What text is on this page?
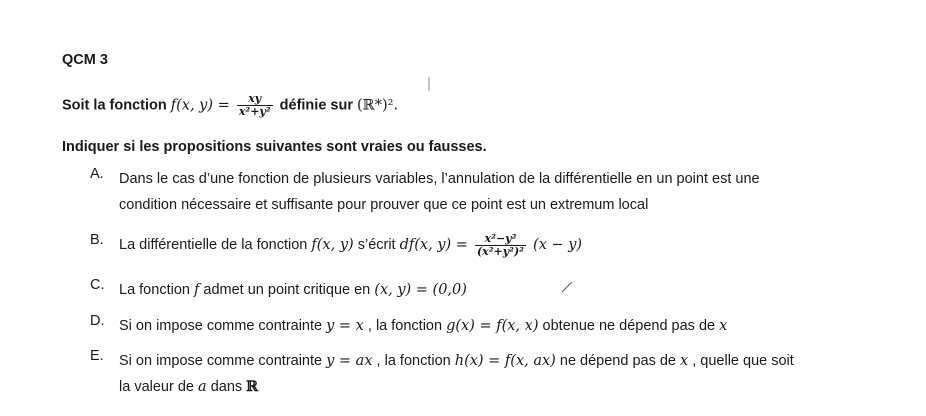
QCM 3
Soit la fonction f(x, $y) = \frac{xy}{\text{x²+y²}}$ définie sur (ℝ*)².
Indiquer si les propositions suivantes sont vraies ou fausses.
A.	Dans le cas d’une fonction de plusieurs variables, l’annulation de la différentielle en un point est une
condition nécessaire et suffisante pour prouver que ce point est un extremum local
B.	La différentielle de la fonction f(x, y) s’écrit df(x, $y) = \frac{\text{x²−y²}}{\text{(x²+y²)²}} (x - y)$
C.	La fonction f admet un point critique en (x, y) = (0,0)
D.	Si on impose comme contrainte y = x , la fonction g(x) = f(x, x) obtenue ne dépend pas de x
E.	Si on impose comme contrainte y = ax , la fonction h(x) = f(x, ax) ne dépend pas de x , quelle que soit
la valeur de a dans ℝ
